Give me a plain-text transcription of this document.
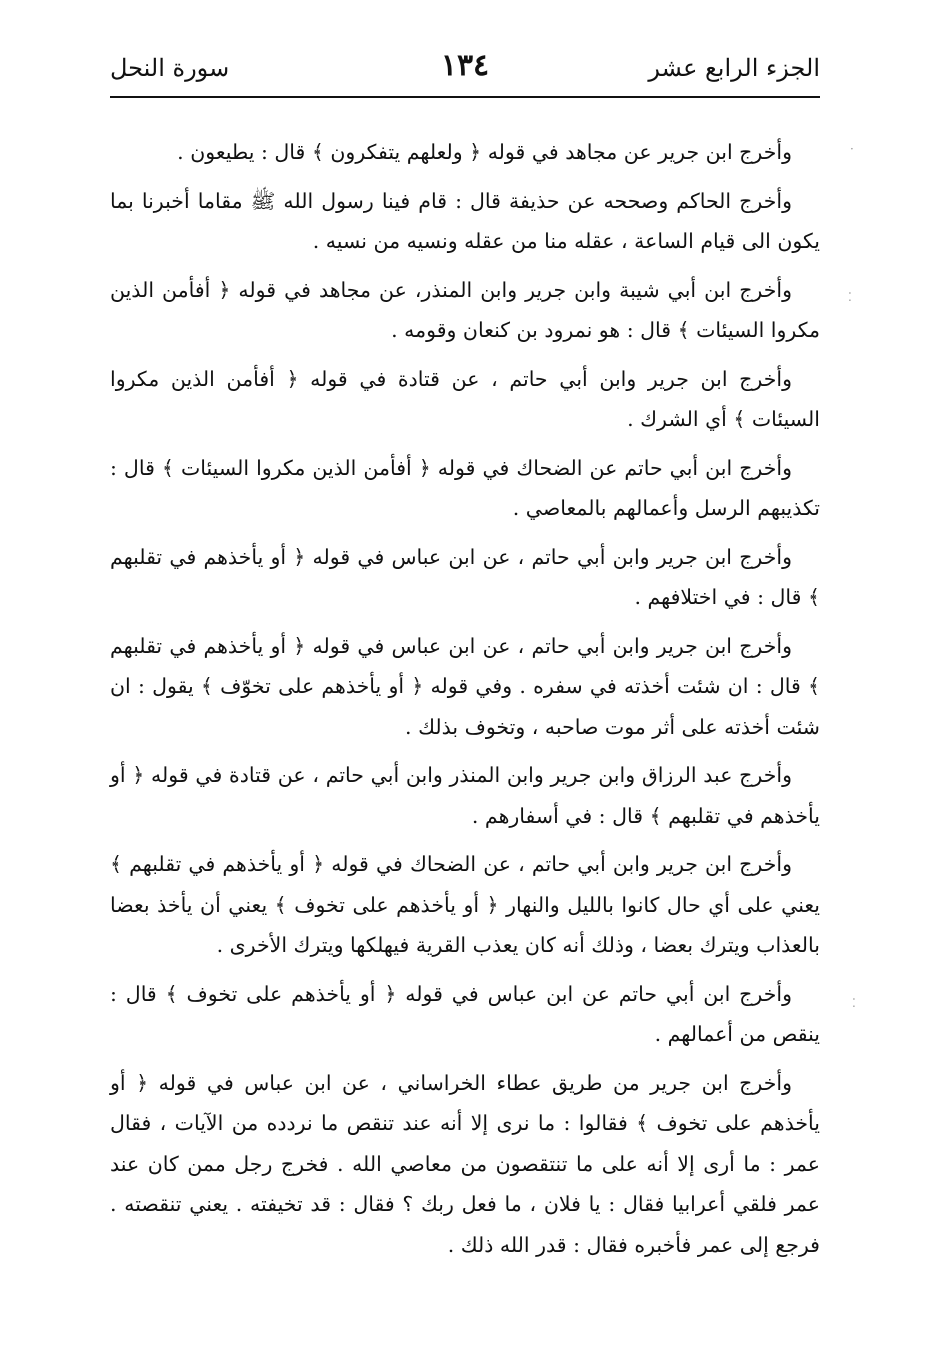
الجزء الرابع عشر
١٣٤
سورة النحل

وأخرج ابن جرير عن مجاهد في قوله ﴿ ولعلهم يتفكرون ﴾ قال : يطيعون .

وأخرج الحاكم وصححه عن حذيفة قال : قام فينا رسول الله ﷺ مقاما أخبرنا بما يكون الى قيام الساعة ، عقله منا من عقله ونسيه من نسيه .

وأخرج ابن أبي شيبة وابن جرير وابن المنذر، عن مجاهد في قوله ﴿ أفأمن الذين مكروا السيئات ﴾ قال : هو نمرود بن كنعان وقومه .

وأخرج ابن جرير وابن أبي حاتم ، عن قتادة في قوله ﴿ أفأمن الذين مكروا السيئات ﴾ أي الشرك .

وأخرج ابن أبي حاتم عن الضحاك في قوله ﴿ أفأمن الذين مكروا السيئات ﴾ قال : تكذيبهم الرسل وأعمالهم بالمعاصي .

وأخرج ابن جرير وابن أبي حاتم ، عن ابن عباس في قوله ﴿ أو يأخذهم في تقلبهم ﴾ قال : في اختلافهم .

وأخرج ابن جرير وابن أبي حاتم ، عن ابن عباس في قوله ﴿ أو يأخذهم في تقلبهم ﴾ قال : ان شئت أخذته في سفره . وفي قوله ﴿ أو يأخذهم على تخوّف ﴾ يقول : ان شئت أخذته على أثر موت صاحبه ، وتخوف بذلك .

وأخرج عبد الرزاق وابن جرير وابن المنذر وابن أبي حاتم ، عن قتادة في قوله ﴿ أو يأخذهم في تقلبهم ﴾ قال : في أسفارهم .

وأخرج ابن جرير وابن أبي حاتم ، عن الضحاك في قوله ﴿ أو يأخذهم في تقلبهم ﴾ يعني على أي حال كانوا بالليل والنهار ﴿ أو يأخذهم على تخوف ﴾ يعني أن يأخذ بعضا بالعذاب ويترك بعضا ، وذلك أنه كان يعذب القرية فيهلكها ويترك الأخرى .

وأخرج ابن أبي حاتم عن ابن عباس في قوله ﴿ أو يأخذهم على تخوف ﴾ قال : ينقص من أعمالهم .

وأخرج ابن جرير من طريق عطاء الخراساني ، عن ابن عباس في قوله ﴿ أو يأخذهم على تخوف ﴾ فقالوا : ما نرى إلا أنه عند تنقص ما نردده من الآيات ، فقال عمر : ما أرى إلا أنه على ما تنتقصون من معاصي الله . فخرج رجل ممن كان عند عمر فلقي أعرابيا فقال : يا فلان ، ما فعل ربك ؟ فقال : قد تخيفته . يعني تنقصته . فرجع إلى عمر فأخبره فقال : قدر الله ذلك .

·
⁚
⁚
